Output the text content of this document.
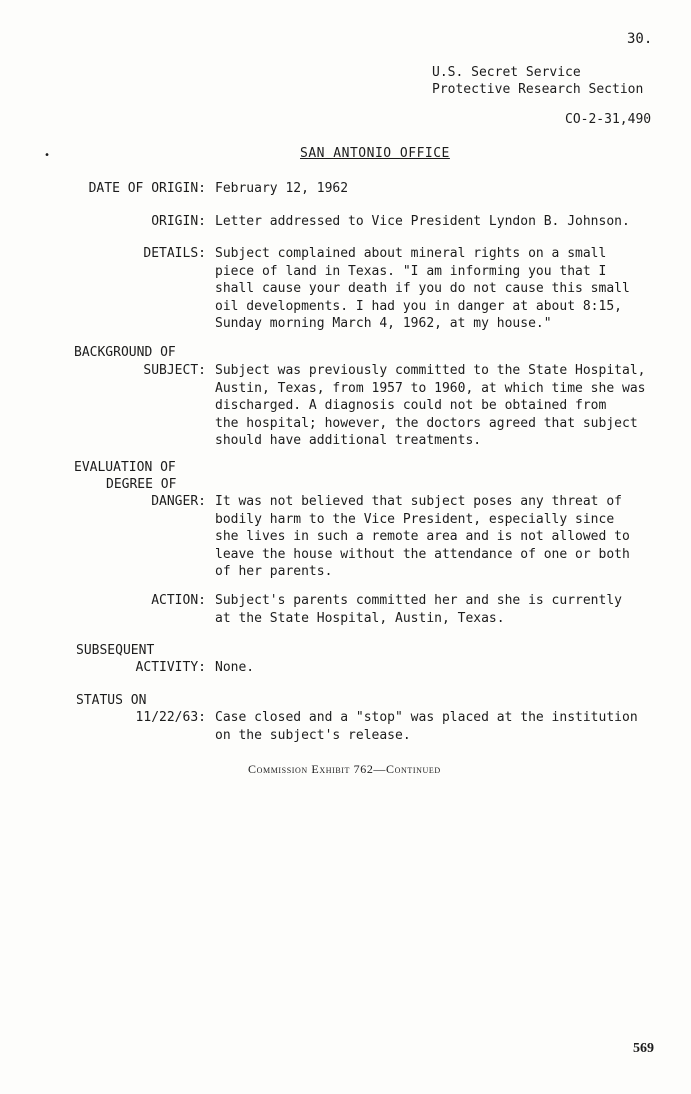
30.
U.S. Secret Service
Protective Research Section
CO-2-31,490
•	SAN ANTONIO OFFICE
DATE OF ORIGIN: February 12, 1962
ORIGIN: Letter addressed to Vice President Lyndon B. Johnson.
DETAILS: Subject complained about mineral rights on a small
piece of land in Texas. "I am informing you that I
shall cause your death if you do not cause this small
oil developments. I had you in danger at about 8:15,
Sunday morning March 4, 1962, at my house."
BACKGROUND OF
SUBJECT: Subject was previously committed to the State Hospital,
Austin, Texas, from 1957 to 1960, at which time she was
discharged. A diagnosis could not be obtained from
the hospital; however, the doctors agreed that subject
should have additional treatments.
EVALUATION OF
DEGREE OF
DANGER: It was not believed that subject poses any threat of
bodily harm to the Vice President, especially since
she lives in such a remote area and is not allowed to
leave the house without the attendance of one or both
of her parents.
ACTION: Subject's parents committed her and she is currently
at the State Hospital, Austin, Texas.
SUBSEQUENT
ACTIVITY: None.
STATUS ON
11/22/63: Case closed and a "stop" was placed at the institution
on the subject's release.
Commission Exhibit 762—Continued
569
